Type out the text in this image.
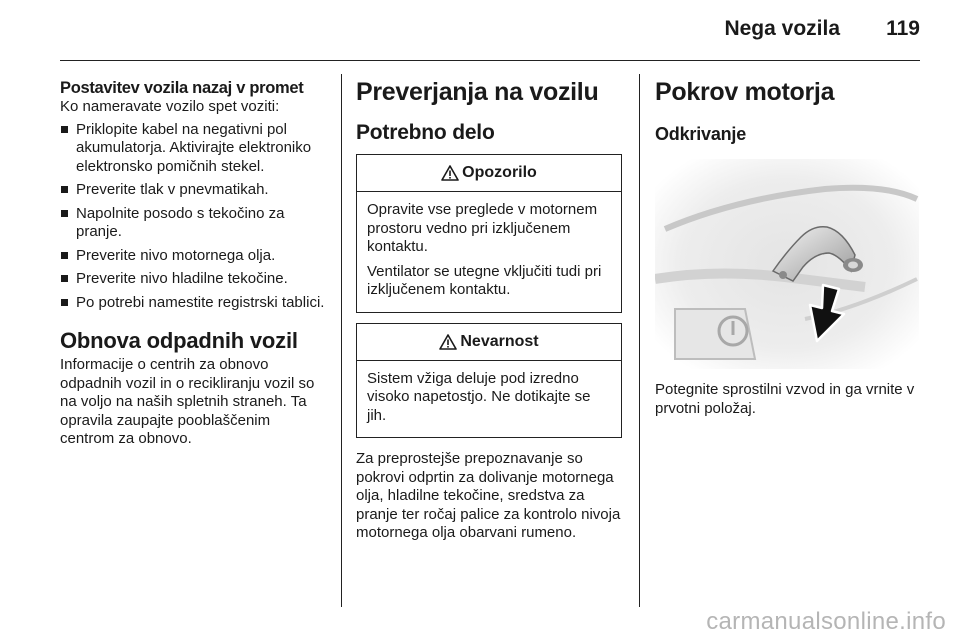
Nega vozila 119
Postavitev vozila nazaj v promet

Ko nameravate vozilo spet voziti:

Priklopite kabel na negativni pol akumulatorja. Aktivirajte elektroniko elektronsko pomičnih stekel.
Preverite tlak v pnevmatikah.
Napolnite posodo s tekočino za pranje.
Preverite nivo motornega olja.
Preverite nivo hladilne tekočine.
Po potrebi namestite registrski tablici.
Obnova odpadnih vozil

Informacije o centrih za obnovo odpadnih vozil in o recikliranju vozil so na voljo na naših spletnih straneh. Ta opravila zaupajte pooblaščenim centrom za obnovo.

Preverjanja na vozilu
Potrebno delo
Opozorilo

Opravite vse preglede v motornem prostoru vedno pri izključenem kontaktu.

Ventilator se utegne vključiti tudi pri izključenem kontaktu.

Nevarnost

Sistem vžiga deluje pod izredno visoko napetostjo. Ne dotikajte se jih.

Za preprostejše prepoznavanje so pokrovi odprtin za dolivanje motornega olja, hladilne tekočine, sredstva za pranje ter ročaj palice za kontrolo nivoja motornega olja obarvani rumeno.

Pokrov motorja
Odkrivanje

Potegnite sprostilni vzvod in ga vrnite v prvotni položaj.

carmanualsonline.info
